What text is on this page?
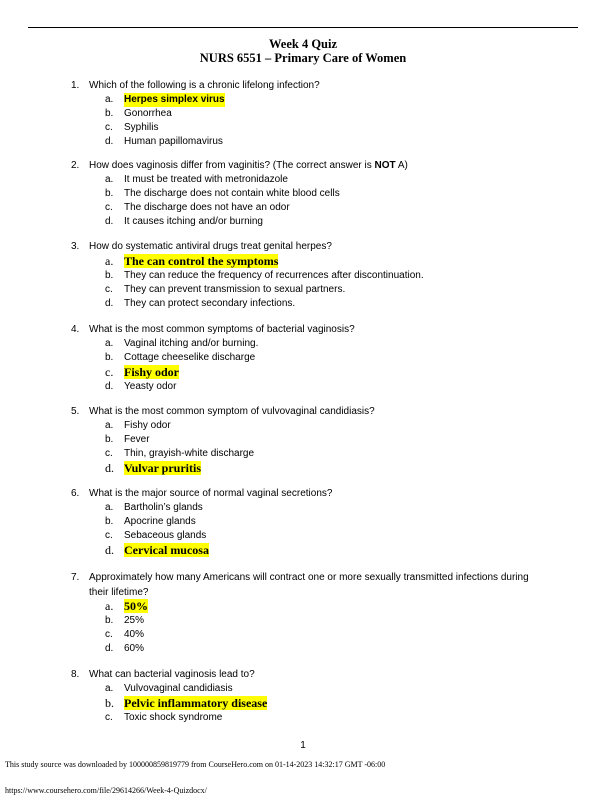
Week 4 Quiz
NURS 6551 – Primary Care of Women
1. Which of the following is a chronic lifelong infection?
a.	Herpes simplex virus
b.	Gonorrhea
c.	Syphilis
d.	Human papillomavirus
2. How does vaginosis differ from vaginitis? (The correct answer is NOT A)
a.	It must be treated with metronidazole
b.	The discharge does not contain white blood cells
c.	The discharge does not have an odor
d.	It causes itching and/or burning
3. How do systematic antiviral drugs treat genital herpes?
a. The can control the symptoms
b.	They can reduce the frequency of recurrences after discontinuation.
c.	They can prevent transmission to sexual partners.
d.	They can protect secondary infections.
4. What is the most common symptoms of bacterial vaginosis?
a.	Vaginal itching and/or burning.
b.	Cottage cheeselike discharge
c. Fishy odor
d.	Yeasty odor
5. What is the most common symptom of vulvovaginal candidiasis?
a.	Fishy odor
b.	Fever
c.	Thin, grayish-white discharge
d. Vulvar pruritis
6. What is the major source of normal vaginal secretions?
a.	Bartholin’s glands
b.	Apocrine glands
c.	Sebaceous glands
d. Cervical mucosa
7. Approximately how many Americans will contract one or more sexually transmitted infections during their lifetime?
a. 50%
b.	25%
c.	40%
d.	60%
8. What can bacterial vaginosis lead to?
a.	Vulvovaginal candidiasis
b. Pelvic inflammatory disease
c.	Toxic shock syndrome
1
This study source was downloaded by 100000859819779 from CourseHero.com on 01-14-2023 14:32:17 GMT -06:00
https://www.coursehero.com/file/29614266/Week-4-Quizdocx/
